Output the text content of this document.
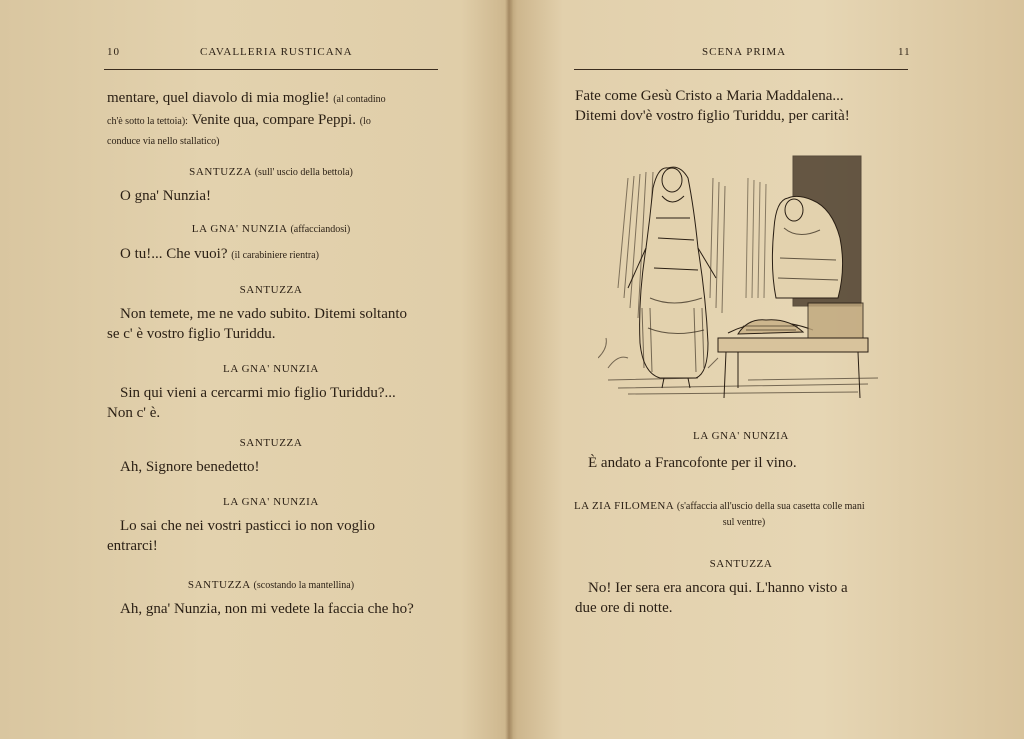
10	CAVALLERIA RUSTICANA
mentare, quel diavolo di mia moglie! (al contadino
ch'è sotto la tettoia): Venite qua, compare Peppi. (lo
conduce via nello stallatico)
SANTUZZA (sull' uscio della bettola)
O gna' Nunzia!
LA GNA' NUNZIA (affacciandosi)
O tu!... Che vuoi? (il carabiniere rientra)
SANTUZZA
Non temete, me ne vado subito. Ditemi soltanto
se c' è vostro figlio Turiddu.
LA GNA' NUNZIA
Sin qui vieni a cercarmi mio figlio Turiddu?...
Non c' è.
SANTUZZA
Ah, Signore benedetto!
LA GNA' NUNZIA
Lo sai che nei vostri pasticci io non voglio
entrarci!
SANTUZZA (scostando la mantellina)
Ah, gna' Nunzia, non mi vedete la faccia che ho?
SCENA PRIMA	11
Fate come Gesù Cristo a Maria Maddalena...
Ditemi dov'è vostro figlio Turiddu, per carità!
LA GNA' NUNZIA
È andato a Francofonte per il vino.
LA ZIA FILOMENA (s'affaccia all'uscio della sua casetta colle mani
sul ventre)
SANTUZZA
No! Ier sera era ancora qui. L'hanno visto a
due ore di notte.
